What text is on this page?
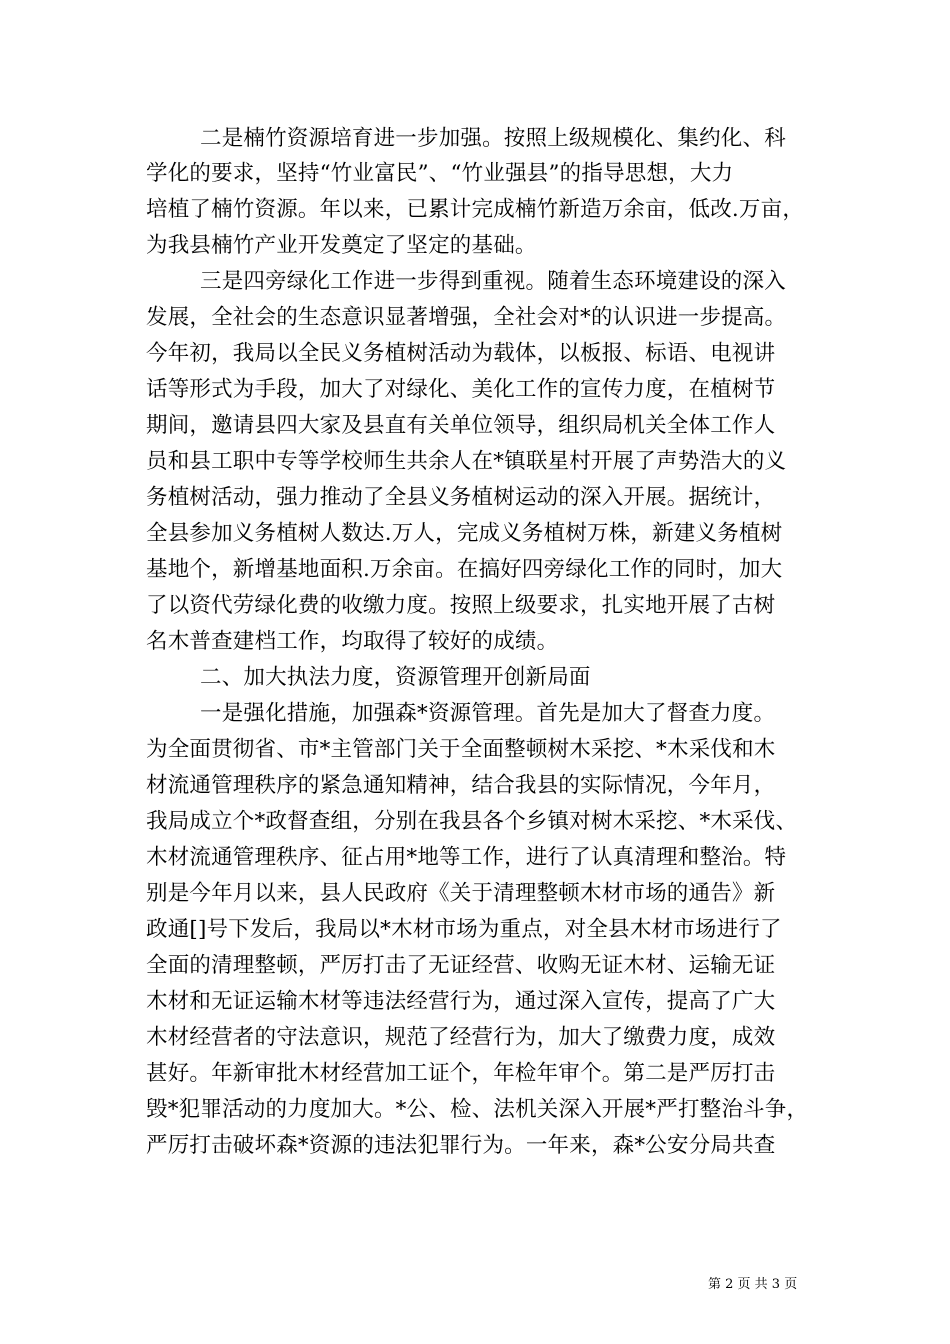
二是楠竹资源培育进一步加强。按照上级规模化、集约化、科
学化的要求，坚持“竹业富民”、“竹业强县”的指导思想，大力
培植了楠竹资源。年以来，已累计完成楠竹新造万余亩，低改.万亩，
为我县楠竹产业开发奠定了坚定的基础。
三是四旁绿化工作进一步得到重视。随着生态环境建设的深入
发展，全社会的生态意识显著增强，全社会对*的认识进一步提高。
今年初，我局以全民义务植树活动为载体，以板报、标语、电视讲
话等形式为手段，加大了对绿化、美化工作的宣传力度，在植树节
期间，邀请县四大家及县直有关单位领导，组织局机关全体工作人
员和县工职中专等学校师生共余人在*镇联星村开展了声势浩大的义
务植树活动，强力推动了全县义务植树运动的深入开展。据统计，
全县参加义务植树人数达.万人，完成义务植树万株，新建义务植树
基地个，新增基地面积.万余亩。在搞好四旁绿化工作的同时，加大
了以资代劳绿化费的收缴力度。按照上级要求，扎实地开展了古树
名木普查建档工作，均取得了较好的成绩。
二、加大执法力度，资源管理开创新局面
一是强化措施，加强森*资源管理。首先是加大了督查力度。
为全面贯彻省、市*主管部门关于全面整顿树木采挖、*木采伐和木
材流通管理秩序的紧急通知精神，结合我县的实际情况，今年月，
我局成立个*政督查组，分别在我县各个乡镇对树木采挖、*木采伐、
木材流通管理秩序、征占用*地等工作，进行了认真清理和整治。特
别是今年月以来，县人民政府《关于清理整顿木材市场的通告》新
政通[]号下发后，我局以*木材市场为重点，对全县木材市场进行了
全面的清理整顿，严厉打击了无证经营、收购无证木材、运输无证
木材和无证运输木材等违法经营行为，通过深入宣传，提高了广大
木材经营者的守法意识，规范了经营行为，加大了缴费力度，成效
甚好。年新审批木材经营加工证个，年检年审个。第二是严厉打击
毁*犯罪活动的力度加大。*公、检、法机关深入开展*严打整治斗争，
严厉打击破坏森*资源的违法犯罪行为。一年来，森*公安分局共查
第 2 页 共 3 页
